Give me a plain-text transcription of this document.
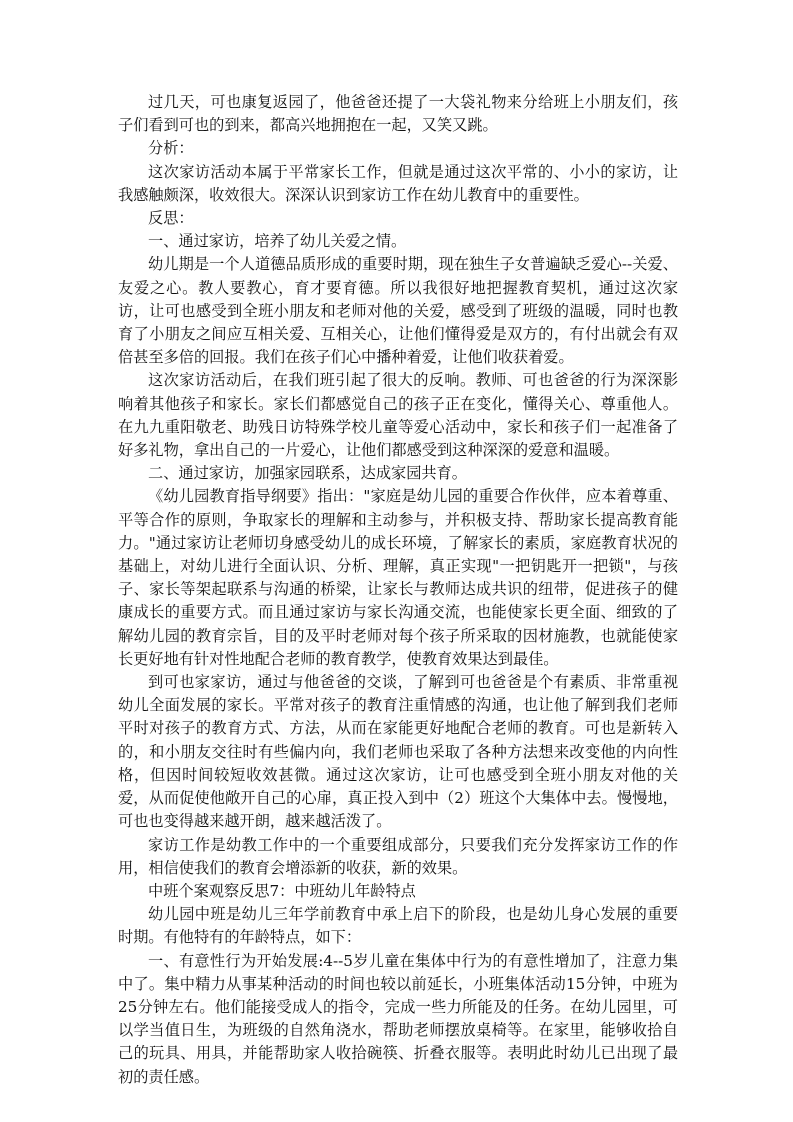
过几天，可也康复返园了，他爸爸还提了一大袋礼物来分给班上小朋友们，孩子们看到可也的到来，都高兴地拥抱在一起，又笑又跳。

分析：

这次家访活动本属于平常家长工作，但就是通过这次平常的、小小的家访，让我感触颇深，收效很大。深深认识到家访工作在幼儿教育中的重要性。

反思：

一、通过家访，培养了幼儿关爱之情。

幼儿期是一个人道德品质形成的重要时期，现在独生子女普遍缺乏爱心--关爱、友爱之心。教人要教心，育才要育德。所以我很好地把握教育契机，通过这次家访，让可也感受到全班小朋友和老师对他的关爱，感受到了班级的温暖，同时也教育了小朋友之间应互相关爱、互相关心，让他们懂得爱是双方的，有付出就会有双倍甚至多倍的回报。我们在孩子们心中播种着爱，让他们收获着爱。

这次家访活动后，在我们班引起了很大的反响。教师、可也爸爸的行为深深影响着其他孩子和家长。家长们都感觉自己的孩子正在变化，懂得关心、尊重他人。在九九重阳敬老、助残日访特殊学校儿童等爱心活动中，家长和孩子们一起准备了好多礼物，拿出自己的一片爱心，让他们都感受到这种深深的爱意和温暖。

二、通过家访，加强家园联系，达成家园共育。

《幼儿园教育指导纲要》指出："家庭是幼儿园的重要合作伙伴，应本着尊重、平等合作的原则，争取家长的理解和主动参与，并积极支持、帮助家长提高教育能力。"通过家访让老师切身感受幼儿的成长环境，了解家长的素质，家庭教育状况的基础上，对幼儿进行全面认识、分析、理解，真正实现"一把钥匙开一把锁"，与孩子、家长等架起联系与沟通的桥梁，让家长与教师达成共识的纽带，促进孩子的健康成长的重要方式。而且通过家访与家长沟通交流，也能使家长更全面、细致的了解幼儿园的教育宗旨，目的及平时老师对每个孩子所采取的因材施教，也就能使家长更好地有针对性地配合老师的教育教学，使教育效果达到最佳。

到可也家家访，通过与他爸爸的交谈，了解到可也爸爸是个有素质、非常重视幼儿全面发展的家长。平常对孩子的教育注重情感的沟通，也让他了解到我们老师平时对孩子的教育方式、方法，从而在家能更好地配合老师的教育。可也是新转入的，和小朋友交往时有些偏内向，我们老师也采取了各种方法想来改变他的内向性格，但因时间较短收效甚微。通过这次家访，让可也感受到全班小朋友对他的关爱，从而促使他敞开自己的心扉，真正投入到中（2）班这个大集体中去。慢慢地，可也也变得越来越开朗，越来越活泼了。

家访工作是幼教工作中的一个重要组成部分，只要我们充分发挥家访工作的作用，相信使我们的教育会增添新的收获，新的效果。

中班个案观察反思7：中班幼儿年龄特点

幼儿园中班是幼儿三年学前教育中承上启下的阶段，也是幼儿身心发展的重要时期。有他特有的年龄特点，如下：

一、有意性行为开始发展:4--5岁儿童在集体中行为的有意性增加了，注意力集中了。集中精力从事某种活动的时间也较以前延长，小班集体活动15分钟，中班为25分钟左右。他们能接受成人的指令，完成一些力所能及的任务。在幼儿园里，可以学当值日生，为班级的自然角浇水，帮助老师摆放桌椅等。在家里，能够收拾自己的玩具、用具，并能帮助家人收拾碗筷、折叠衣服等。表明此时幼儿已出现了最初的责任感。
